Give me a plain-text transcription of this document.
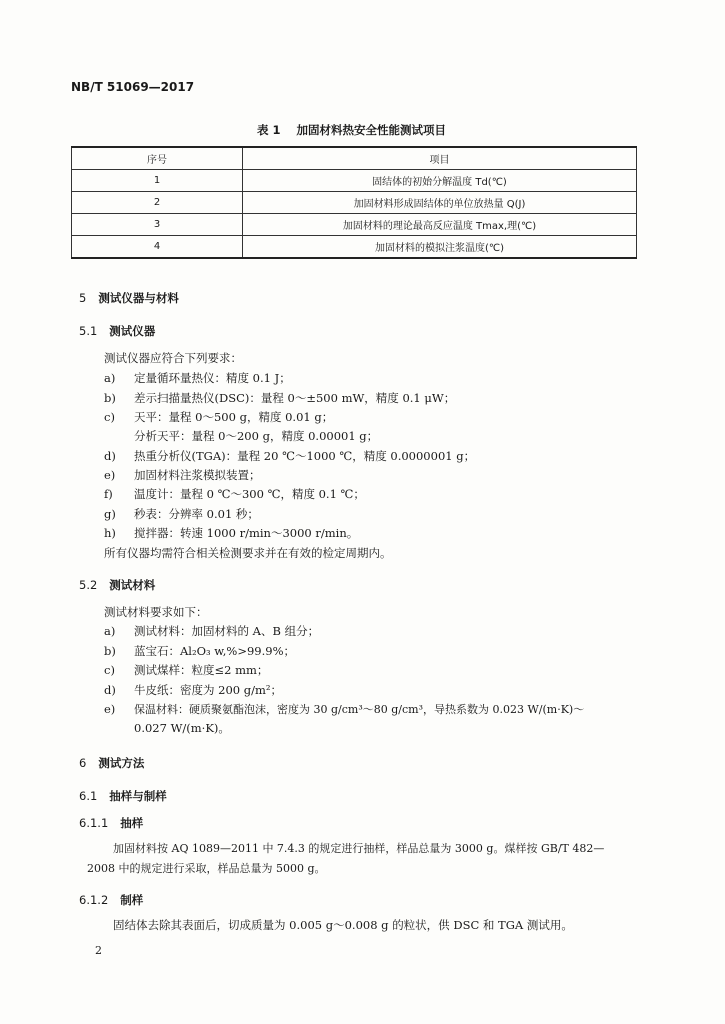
NB/T 51069—2017
表 1 加固材料热安全性能测试项目
序号	项目
1	固结体的初始分解温度 Td(℃)
2	加固材料形成固结体的单位放热量 Q(J)
3	加固材料的理论最高反应温度 Tmax,理(℃)
4	加固材料的模拟注浆温度(℃)
5 测试仪器与材料
5.1 测试仪器
测试仪器应符合下列要求：
a) 定量循环量热仪：精度 0.1 J；
b) 差示扫描量热仪(DSC)：量程 0～±500 mW，精度 0.1 μW；
c) 天平：量程 0～500 g，精度 0.01 g；
分析天平：量程 0～200 g，精度 0.00001 g；
d) 热重分析仪(TGA)：量程 20 ℃～1000 ℃，精度 0.0000001 g；
e) 加固材料注浆模拟装置；
f) 温度计：量程 0 ℃～300 ℃，精度 0.1 ℃；
g) 秒表：分辨率 0.01 秒；
h) 搅拌器：转速 1000 r/min～3000 r/min。
所有仪器均需符合相关检测要求并在有效的检定周期内。
5.2 测试材料
测试材料要求如下：
a) 测试材料：加固材料的 A、B 组分；
b) 蓝宝石：Al₂O₃ w,%>99.9%；
c) 测试煤样：粒度≤2 mm；
d) 牛皮纸：密度为 200 g/m²；
e) 保温材料：硬质聚氨酯泡沫，密度为 30 g/cm³～80 g/cm³，导热系数为 0.023 W/(m·K)～
0.027 W/(m·K)。
6 测试方法
6.1 抽样与制样
6.1.1 抽样
加固材料按 AQ 1089—2011 中 7.4.3 的规定进行抽样，样品总量为 3000 g。煤样按 GB/T 482—
2008 中的规定进行采取，样品总量为 5000 g。
6.1.2 制样
固结体去除其表面后，切成质量为 0.005 g～0.008 g 的粒状，供 DSC 和 TGA 测试用。
2
